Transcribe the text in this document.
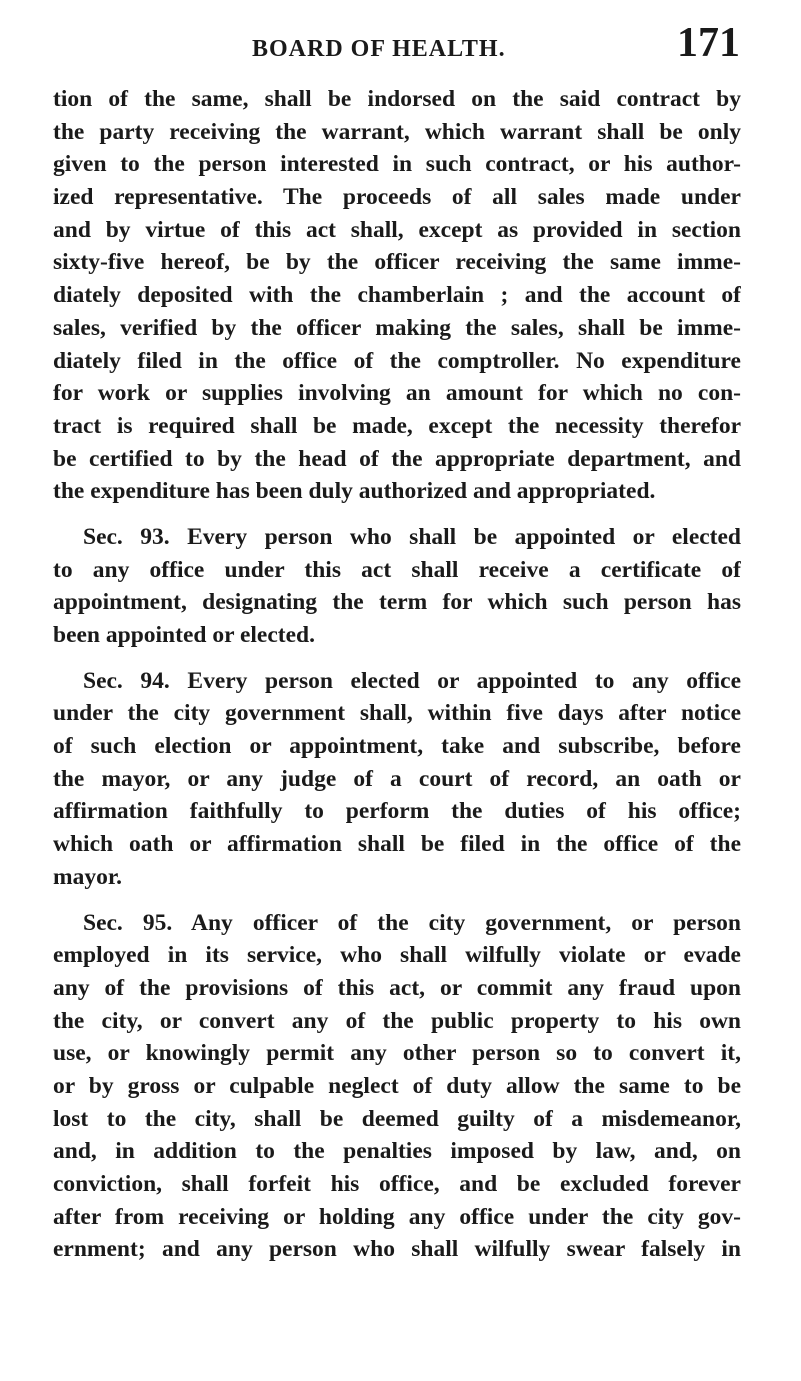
BOARD OF HEALTH.	171
tion of the same, shall be indorsed on the said contract by
the party receiving the warrant, which warrant shall be only
given to the person interested in such contract, or his author-
ized representative. The proceeds of all sales made under
and by virtue of this act shall, except as provided in section
sixty-five hereof, be by the officer receiving the same imme-
diately deposited with the chamberlain ; and the account of
sales, verified by the officer making the sales, shall be imme-
diately filed in the office of the comptroller. No expenditure
for work or supplies involving an amount for which no con-
tract is required shall be made, except the necessity therefor
be certified to by the head of the appropriate department, and
the expenditure has been duly authorized and appropriated.
Sec. 93. Every person who shall be appointed or elected
to any office under this act shall receive a certificate of
appointment, designating the term for which such person has
been appointed or elected.
Sec. 94. Every person elected or appointed to any office
under the city government shall, within five days after notice
of such election or appointment, take and subscribe, before
the mayor, or any judge of a court of record, an oath or
affirmation faithfully to perform the duties of his office;
which oath or affirmation shall be filed in the office of the
mayor.
Sec. 95. Any officer of the city government, or person
employed in its service, who shall wilfully violate or evade
any of the provisions of this act, or commit any fraud upon
the city, or convert any of the public property to his own
use, or knowingly permit any other person so to convert it,
or by gross or culpable neglect of duty allow the same to be
lost to the city, shall be deemed guilty of a misdemeanor,
and, in addition to the penalties imposed by law, and, on
conviction, shall forfeit his office, and be excluded forever
after from receiving or holding any office under the city gov-
ernment; and any person who shall wilfully swear falsely in
